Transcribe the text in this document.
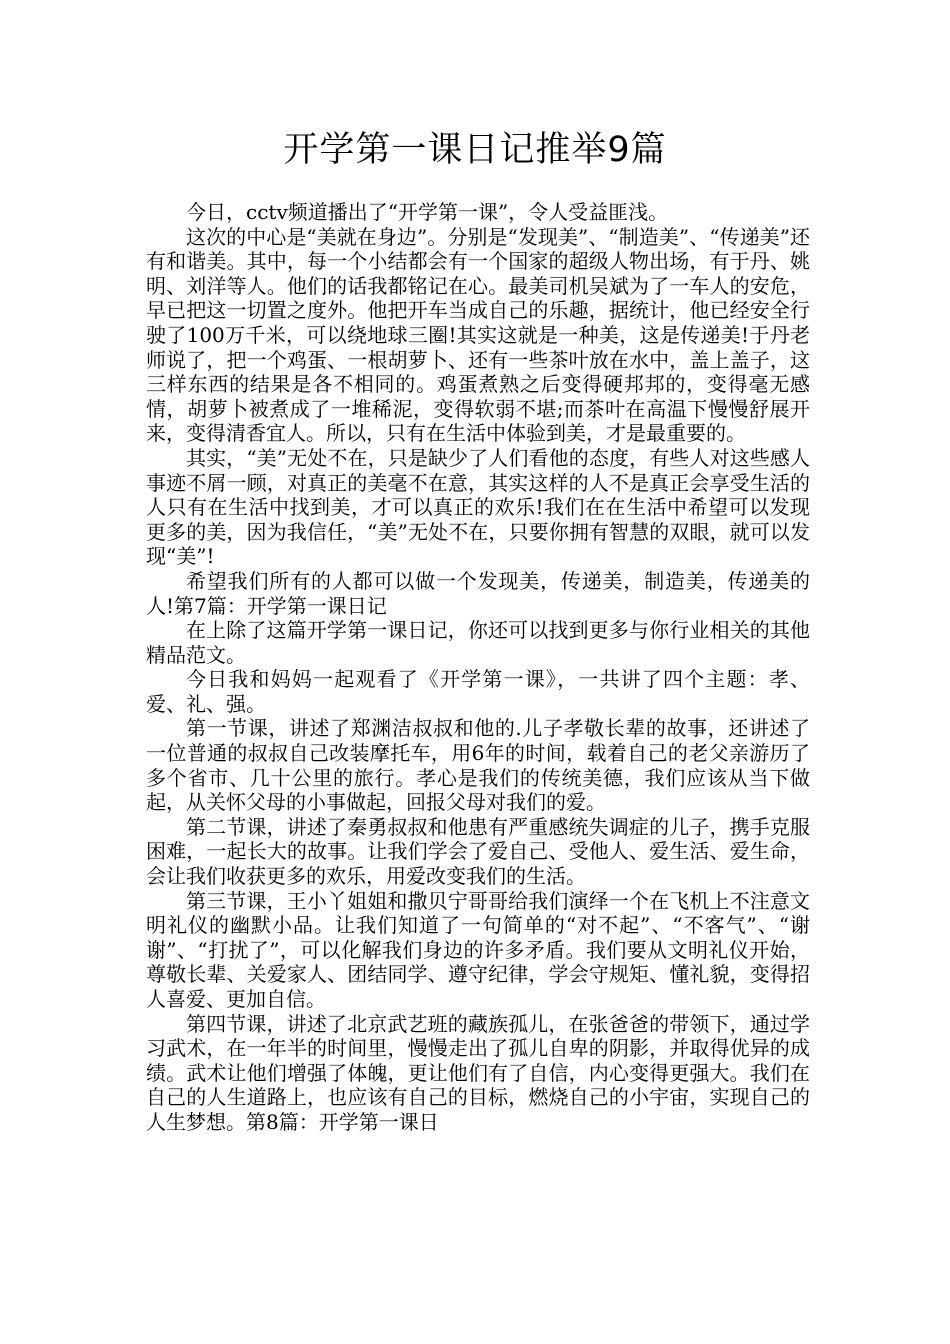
开学第一课日记推举9篇

今日，cctv频道播出了“开学第一课”，令人受益匪浅。

这次的中心是“美就在身边”。分别是“发现美”、“制造美”、“传递美”还有和谐美。其中，每一个小结都会有一个国家的超级人物出场，有于丹、姚明、刘洋等人。他们的话我都铭记在心。最美司机吴斌为了一车人的安危，早已把这一切置之度外。他把开车当成自己的乐趣，据统计，他已经安全行驶了100万千米，可以绕地球三圈!其实这就是一种美，这是传递美!于丹老师说了，把一个鸡蛋、一根胡萝卜、还有一些茶叶放在水中，盖上盖子，这三样东西的结果是各不相同的。鸡蛋煮熟之后变得硬邦邦的，变得毫无感情，胡萝卜被煮成了一堆稀泥，变得软弱不堪;而茶叶在高温下慢慢舒展开来，变得清香宜人。所以，只有在生活中体验到美，才是最重要的。

其实，“美”无处不在，只是缺少了人们看他的态度，有些人对这些感人事迹不屑一顾，对真正的美毫不在意，其实这样的人不是真正会享受生活的人只有在生活中找到美，才可以真正的欢乐!我们在在生活中希望可以发现更多的美，因为我信任，“美”无处不在，只要你拥有智慧的双眼，就可以发现“美”!

希望我们所有的人都可以做一个发现美，传递美，制造美，传递美的人!第7篇：开学第一课日记

在上除了这篇开学第一课日记，你还可以找到更多与你行业相关的其他精品范文。

今日我和妈妈一起观看了《开学第一课》，一共讲了四个主题：孝、爱、礼、强。

第一节课，讲述了郑渊洁叔叔和他的.儿子孝敬长辈的故事，还讲述了一位普通的叔叔自己改装摩托车，用6年的时间，载着自己的老父亲游历了多个省市、几十公里的旅行。孝心是我们的传统美德，我们应该从当下做起，从关怀父母的小事做起，回报父母对我们的爱。

第二节课，讲述了秦勇叔叔和他患有严重感统失调症的儿子，携手克服困难，一起长大的故事。让我们学会了爱自己、受他人、爱生活、爱生命，会让我们收获更多的欢乐，用爱改变我们的生活。

第三节课，王小丫姐姐和撒贝宁哥哥给我们演绎一个在飞机上不注意文明礼仪的幽默小品。让我们知道了一句简单的“对不起”、“不客气”、“谢谢”、“打扰了”，可以化解我们身边的许多矛盾。我们要从文明礼仪开始，尊敬长辈、关爱家人、团结同学、遵守纪律，学会守规矩、懂礼貌，变得招人喜爱、更加自信。

第四节课，讲述了北京武艺班的藏族孤儿，在张爸爸的带领下，通过学习武术，在一年半的时间里，慢慢走出了孤儿自卑的阴影，并取得优异的成绩。武术让他们增强了体魄，更让他们有了自信，内心变得更强大。我们在自己的人生道路上，也应该有自己的目标，燃烧自己的小宇宙，实现自己的人生梦想。第8篇：开学第一课日
